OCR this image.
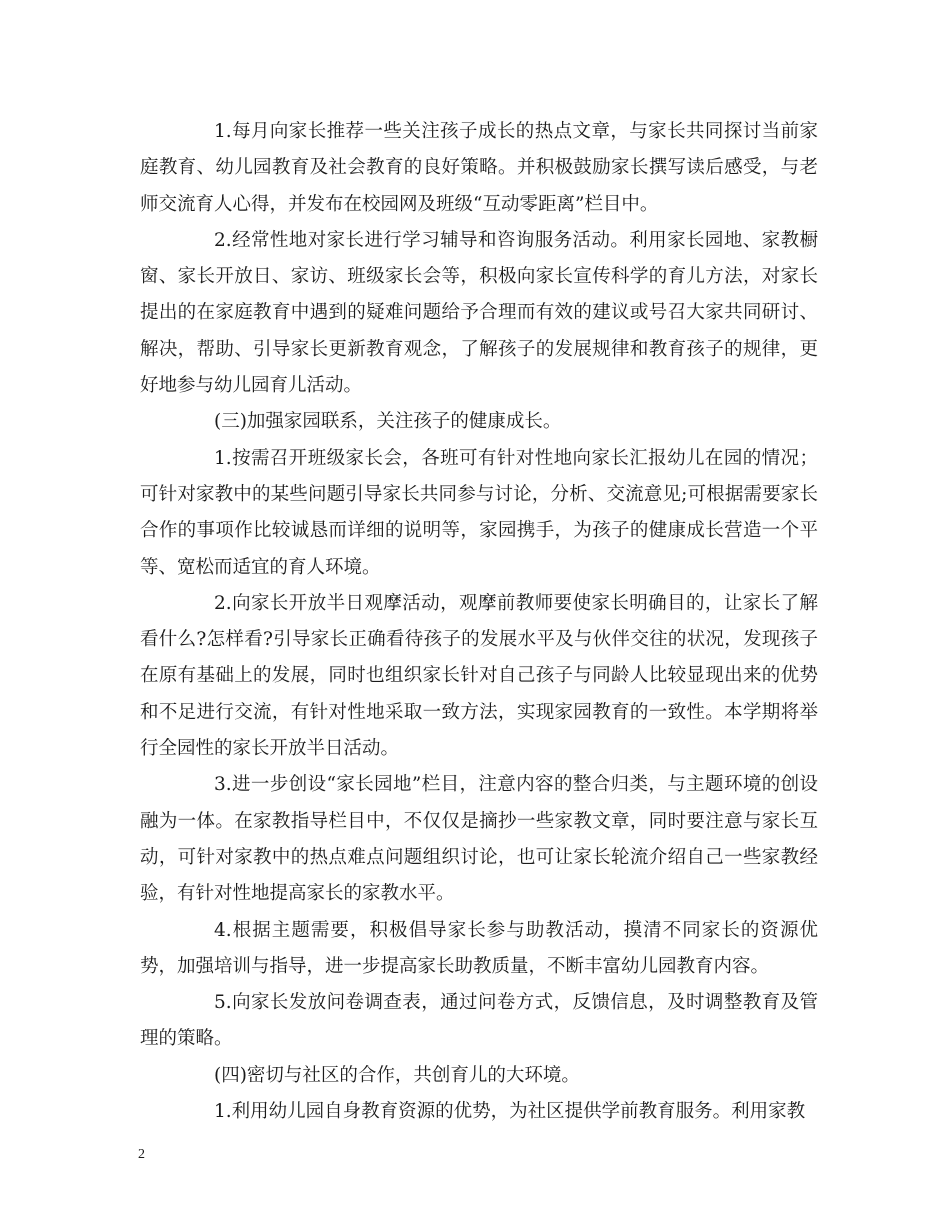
1.每月向家长推荐一些关注孩子成长的热点文章，与家长共同探讨当前家庭教育、幼儿园教育及社会教育的良好策略。并积极鼓励家长撰写读后感受，与老师交流育人心得，并发布在校园网及班级“互动零距离”栏目中。

2.经常性地对家长进行学习辅导和咨询服务活动。利用家长园地、家教橱窗、家长开放日、家访、班级家长会等，积极向家长宣传科学的育儿方法，对家长提出的在家庭教育中遇到的疑难问题给予合理而有效的建议或号召大家共同研讨、解决，帮助、引导家长更新教育观念，了解孩子的发展规律和教育孩子的规律，更好地参与幼儿园育儿活动。

(三)加强家园联系，关注孩子的健康成长。

1.按需召开班级家长会，各班可有针对性地向家长汇报幼儿在园的情况；可针对家教中的某些问题引导家长共同参与讨论，分析、交流意见;可根据需要家长合作的事项作比较诚恳而详细的说明等，家园携手，为孩子的健康成长营造一个平等、宽松而适宜的育人环境。

2.向家长开放半日观摩活动，观摩前教师要使家长明确目的，让家长了解看什么?怎样看?引导家长正确看待孩子的发展水平及与伙伴交往的状况，发现孩子在原有基础上的发展，同时也组织家长针对自己孩子与同龄人比较显现出来的优势和不足进行交流，有针对性地采取一致方法，实现家园教育的一致性。本学期将举行全园性的家长开放半日活动。

3.进一步创设“家长园地”栏目，注意内容的整合归类，与主题环境的创设融为一体。在家教指导栏目中，不仅仅是摘抄一些家教文章，同时要注意与家长互动，可针对家教中的热点难点问题组织讨论，也可让家长轮流介绍自己一些家教经验，有针对性地提高家长的家教水平。

4.根据主题需要，积极倡导家长参与助教活动，摸清不同家长的资源优势，加强培训与指导，进一步提高家长助教质量，不断丰富幼儿园教育内容。

5.向家长发放问卷调查表，通过问卷方式，反馈信息，及时调整教育及管理的策略。

(四)密切与社区的合作，共创育儿的大环境。

1.利用幼儿园自身教育资源的优势，为社区提供学前教育服务。利用家教

2
